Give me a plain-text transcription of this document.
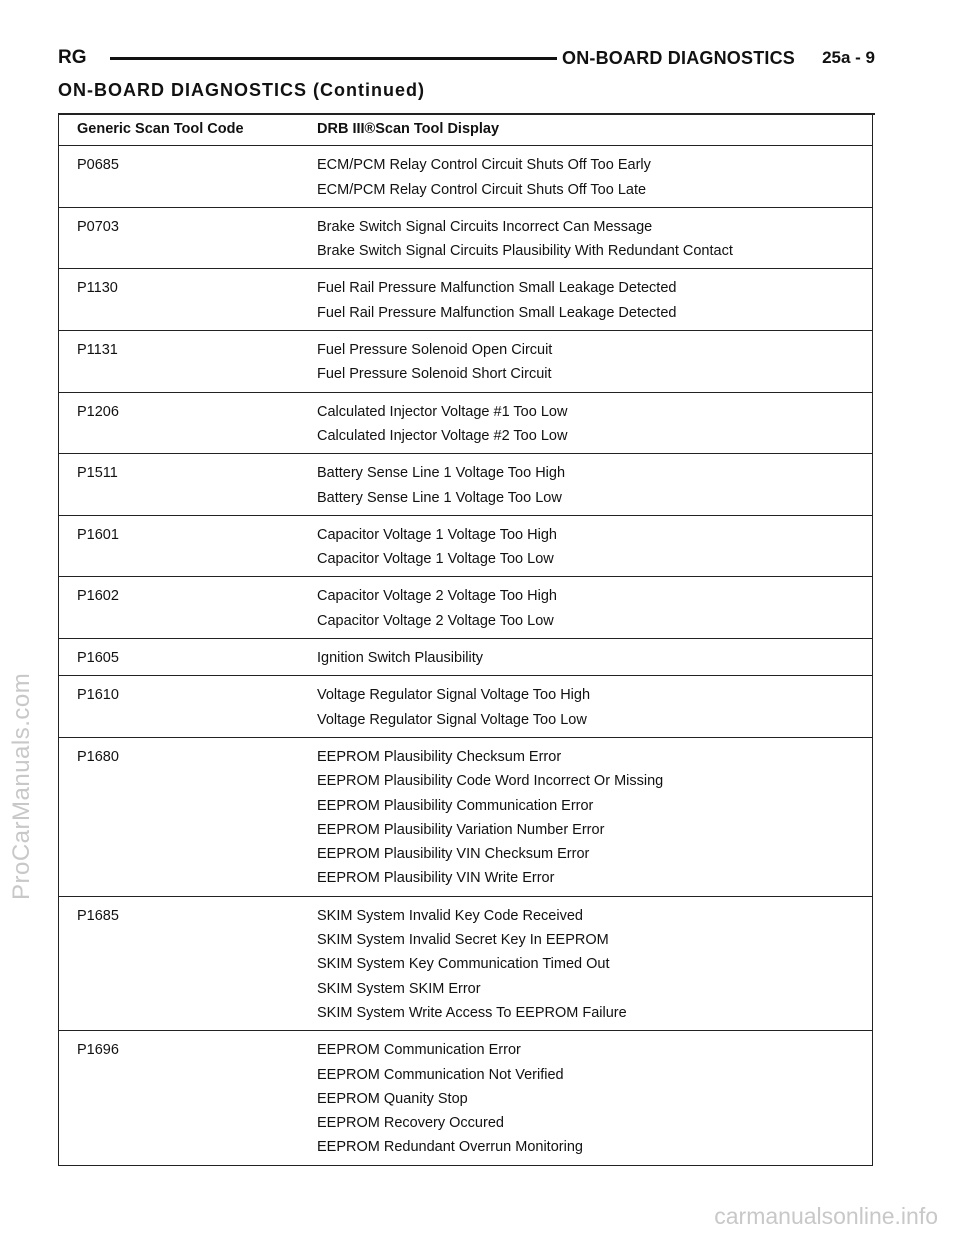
RG	ON-BOARD DIAGNOSTICS 25a - 9
ON-BOARD DIAGNOSTICS (Continued)
Generic Scan Tool Code	DRB III®Scan Tool Display
P0685	ECM/PCM Relay Control Circuit Shuts Off Too Early
ECM/PCM Relay Control Circuit Shuts Off Too Late
P0703	Brake Switch Signal Circuits Incorrect Can Message
Brake Switch Signal Circuits Plausibility With Redundant Contact
P1130	Fuel Rail Pressure Malfunction Small Leakage Detected
Fuel Rail Pressure Malfunction Small Leakage Detected
P1131	Fuel Pressure Solenoid Open Circuit
Fuel Pressure Solenoid Short Circuit
P1206	Calculated Injector Voltage #1 Too Low
Calculated Injector Voltage #2 Too Low
P1511	Battery Sense Line 1 Voltage Too High
Battery Sense Line 1 Voltage Too Low
P1601	Capacitor Voltage 1 Voltage Too High
Capacitor Voltage 1 Voltage Too Low
P1602	Capacitor Voltage 2 Voltage Too High
Capacitor Voltage 2 Voltage Too Low
P1605	Ignition Switch Plausibility
P1610	Voltage Regulator Signal Voltage Too High
Voltage Regulator Signal Voltage Too Low
P1680	EEPROM Plausibility Checksum Error
EEPROM Plausibility Code Word Incorrect Or Missing
EEPROM Plausibility Communication Error
EEPROM Plausibility Variation Number Error
EEPROM Plausibility VIN Checksum Error
EEPROM Plausibility VIN Write Error
P1685	SKIM System Invalid Key Code Received
SKIM System Invalid Secret Key In EEPROM
SKIM System Key Communication Timed Out
SKIM System SKIM Error
SKIM System Write Access To EEPROM Failure
P1696	EEPROM Communication Error
EEPROM Communication Not Verified
EEPROM Quanity Stop
EEPROM Recovery Occured
EEPROM Redundant Overrun Monitoring
ProCarManuals.com
carmanualsonline.info
